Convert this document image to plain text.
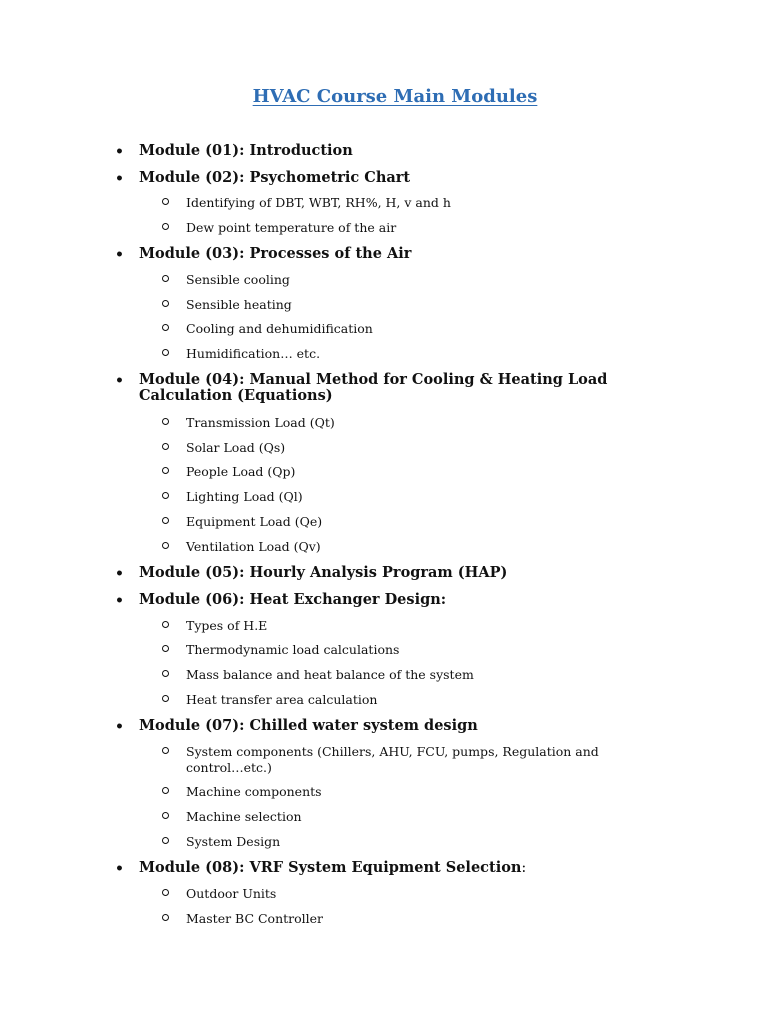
HVAC Course Main Modules
• Module (01): Introduction
• Module (02): Psychometric Chart
Identifying of DBT, WBT, RH%, H, v and h
Dew point temperature of the air
• Module (03): Processes of the Air
Sensible cooling
Sensible heating
Cooling and dehumidification
Humidification… etc.
• Module (04): Manual Method for Cooling & Heating Load Calculation (Equations)
Transmission Load (Qt)
Solar Load (Qs)
People Load (Qp)
Lighting Load (Ql)
Equipment Load (Qe)
Ventilation Load (Qv)
• Module (05): Hourly Analysis Program (HAP)
• Module (06): Heat Exchanger Design:
Types of H.E
Thermodynamic load calculations
Mass balance and heat balance of the system
Heat transfer area calculation
• Module (07): Chilled water system design
System components (Chillers, AHU, FCU, pumps, Regulation and control…etc.)
Machine components
Machine selection
System Design
• Module (08): VRF System Equipment Selection:
Outdoor Units
Master BC Controller
